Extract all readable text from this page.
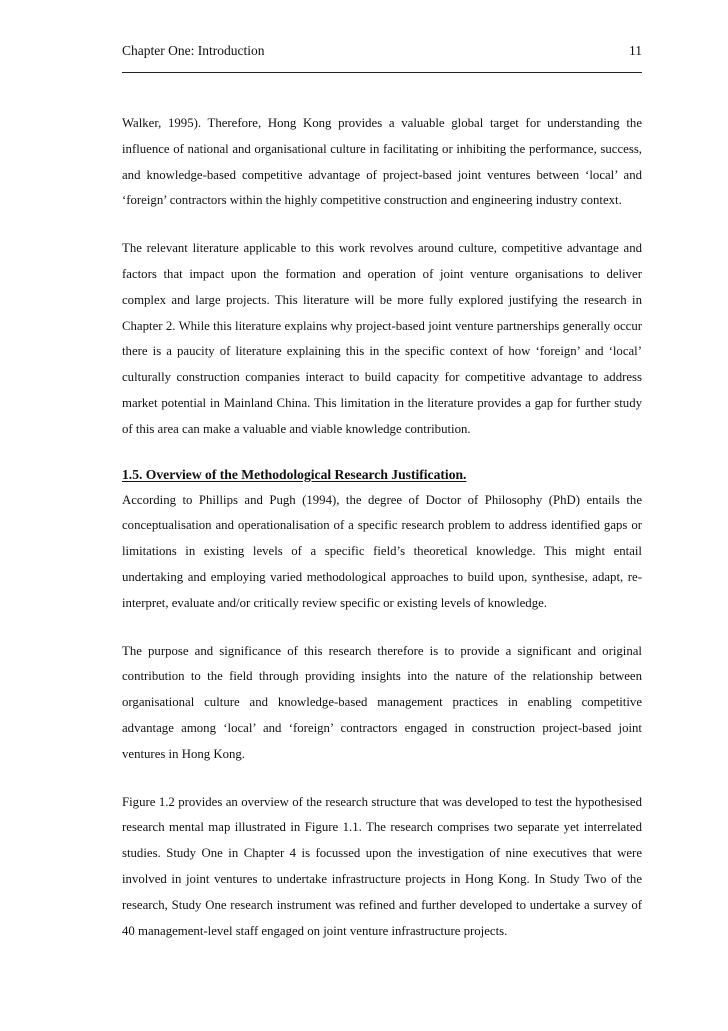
Chapter One: Introduction	11

Walker, 1995). Therefore, Hong Kong provides a valuable global target for understanding the influence of national and organisational culture in facilitating or inhibiting the performance, success, and knowledge-based competitive advantage of project-based joint ventures between ‘local’ and ‘foreign’ contractors within the highly competitive construction and engineering industry context.

The relevant literature applicable to this work revolves around culture, competitive advantage and factors that impact upon the formation and operation of joint venture organisations to deliver complex and large projects. This literature will be more fully explored justifying the research in Chapter 2. While this literature explains why project-based joint venture partnerships generally occur there is a paucity of literature explaining this in the specific context of how ‘foreign’ and ‘local’ culturally construction companies interact to build capacity for competitive advantage to address market potential in Mainland China. This limitation in the literature provides a gap for further study of this area can make a valuable and viable knowledge contribution.

1.5. Overview of the Methodological Research Justification.

According to Phillips and Pugh (1994), the degree of Doctor of Philosophy (PhD) entails the conceptualisation and operationalisation of a specific research problem to address identified gaps or limitations in existing levels of a specific field’s theoretical knowledge. This might entail undertaking and employing varied methodological approaches to build upon, synthesise, adapt, re-interpret, evaluate and/or critically review specific or existing levels of knowledge.

The purpose and significance of this research therefore is to provide a significant and original contribution to the field through providing insights into the nature of the relationship between organisational culture and knowledge-based management practices in enabling competitive advantage among ‘local’ and ‘foreign’ contractors engaged in construction project-based joint ventures in Hong Kong.

Figure 1.2 provides an overview of the research structure that was developed to test the hypothesised research mental map illustrated in Figure 1.1. The research comprises two separate yet interrelated studies. Study One in Chapter 4 is focussed upon the investigation of nine executives that were involved in joint ventures to undertake infrastructure projects in Hong Kong. In Study Two of the research, Study One research instrument was refined and further developed to undertake a survey of 40 management-level staff engaged on joint venture infrastructure projects.
